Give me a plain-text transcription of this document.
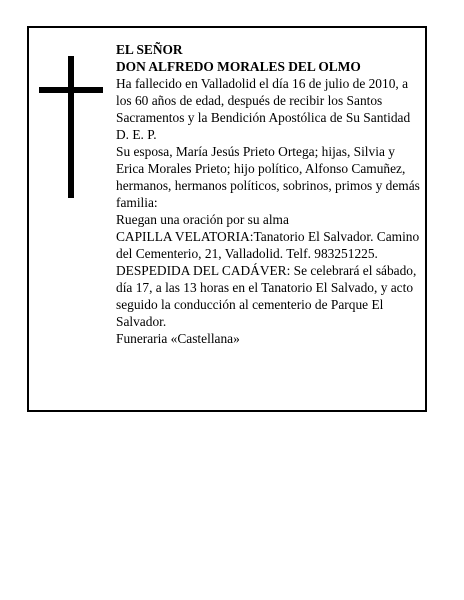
EL SEÑOR

DON ALFREDO MORALES DEL OLMO

Ha fallecido en Valladolid el día 16 de julio de 2010, a los 60 años de edad, después de recibir los Santos Sacramentos y la Bendición Apostólica de Su Santidad D. E. P.

Su esposa, María Jesús Prieto Ortega; hijas, Silvia y Erica Morales Prieto; hijo político, Alfonso Camuñez, hermanos, hermanos políticos, sobrinos, primos y demás familia:

Ruegan una oración por su alma

CAPILLA VELATORIA:Tanatorio El Salvador. Camino del Cementerio, 21, Valladolid. Telf. 983251225.

DESPEDIDA DEL CADÁVER: Se celebrará el sábado, día 17, a las 13 horas en el Tanatorio El Salvado, y acto seguido la conducción al cementerio de Parque El Salvador.

Funeraria «Castellana»
